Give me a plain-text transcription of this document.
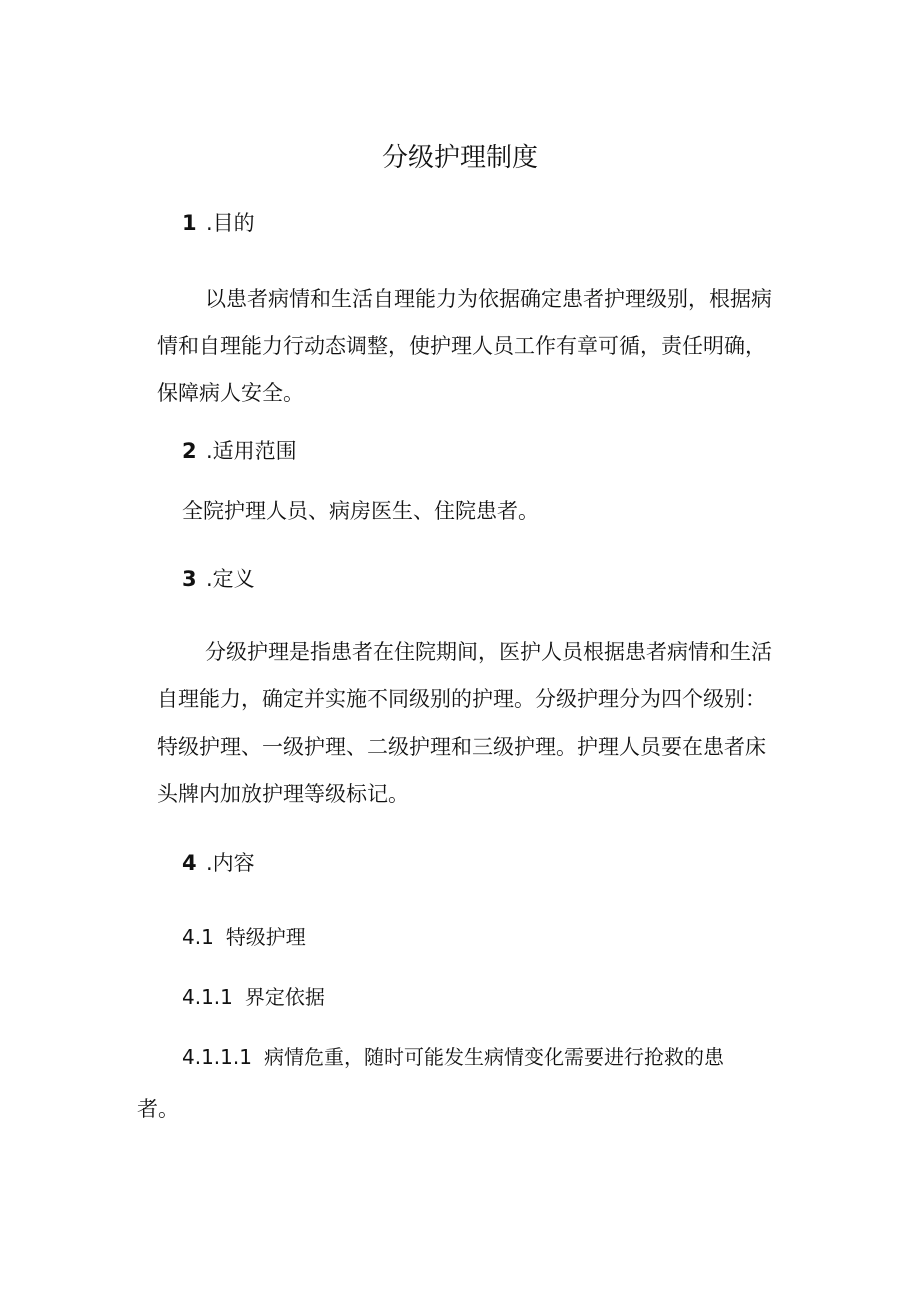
分级护理制度
1 .目的
以患者病情和生活自理能力为依据确定患者护理级别，根据病
情和自理能力行动态调整，使护理人员工作有章可循，责任明确，
保障病人安全。
2 .适用范围
全院护理人员、病房医生、住院患者。
3 .定义
分级护理是指患者在住院期间，医护人员根据患者病情和生活
自理能力，确定并实施不同级别的护理。分级护理分为四个级别：
特级护理、一级护理、二级护理和三级护理。护理人员要在患者床
头牌内加放护理等级标记。
4 .内容
4.1 特级护理
4.1.1 界定依据
4.1.1.1 病情危重，随时可能发生病情变化需要进行抢救的患
者。
